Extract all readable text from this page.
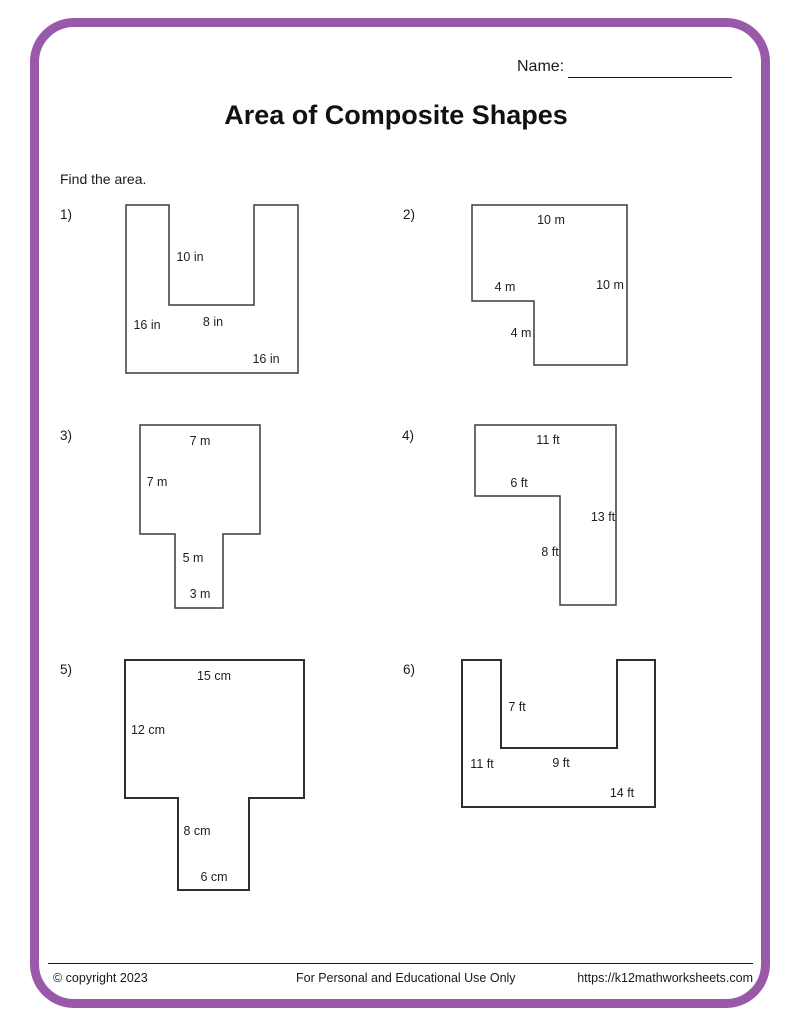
Name:
Area of Composite Shapes
Find the area.
1)
10 in
8 in
16 in
16 in
2)	10 m
4 m	10 m
4 m
3)	7 m
7 m
5 m
3 m
4)	11 ft
6 ft
13 ft
8 ft
5)	15 cm
12 cm
8 cm
6 cm
6)
7 ft
11 ft	9 ft
14 ft
© copyright 2023	For Personal and Educational Use Only	https://k12mathworksheets.com
